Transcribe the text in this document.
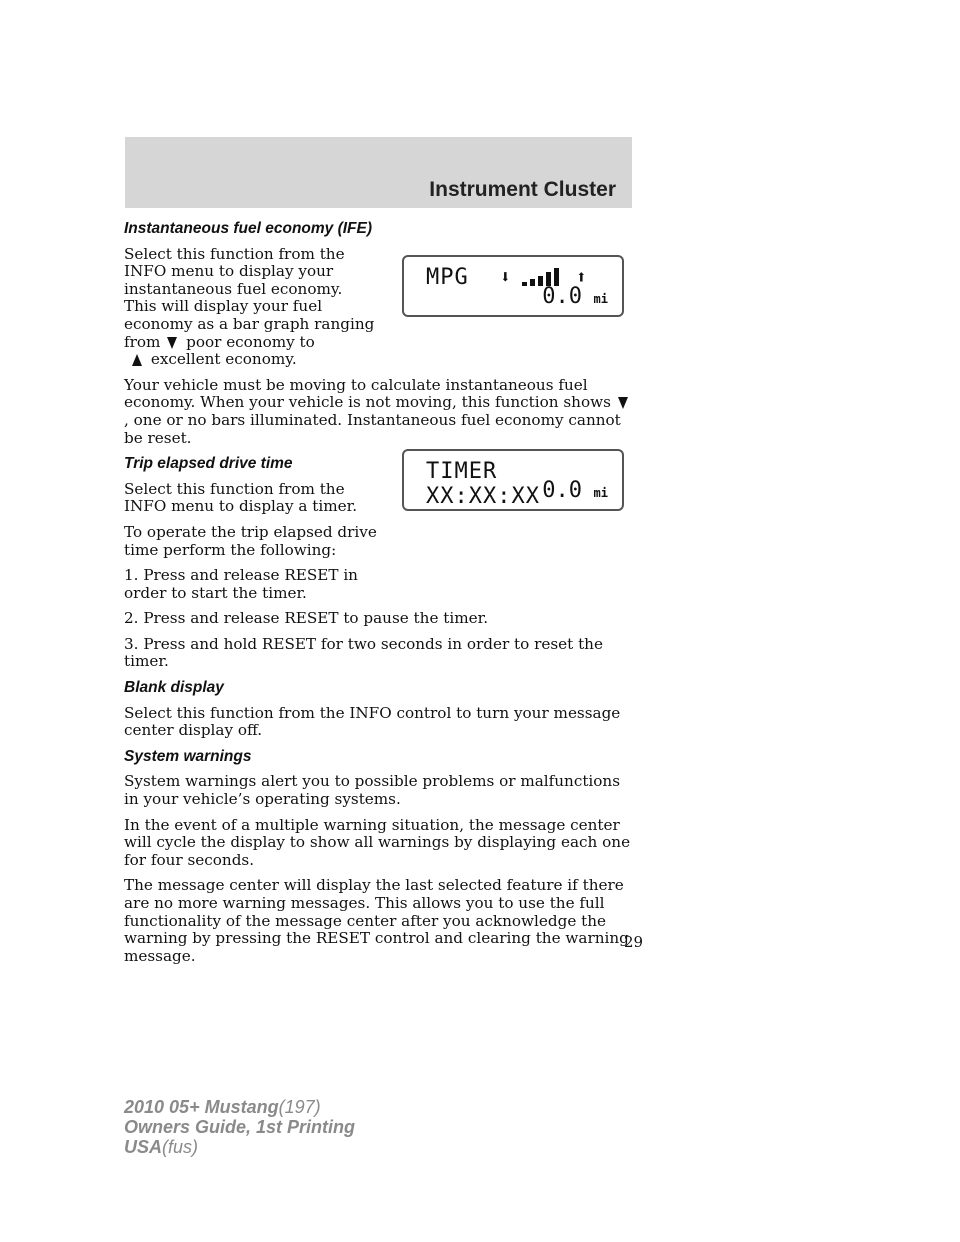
Instrument Cluster
Instantaneous fuel economy (IFE)

Select this function from the INFO menu to display your instantaneous fuel economy. This will display your fuel economy as a bar graph ranging from poor economy to
excellent economy.

Your vehicle must be moving to calculate instantaneous fuel economy. When your vehicle is not moving, this function shows  , one or no bars illuminated. Instantaneous fuel economy cannot be reset.

Trip elapsed drive time

Select this function from the INFO menu to display a timer.

To operate the trip elapsed drive time perform the following:

1. Press and release RESET in order to start the timer.

2. Press and release RESET to pause the timer.

3. Press and hold RESET for two seconds in order to reset the timer.

Blank display

Select this function from the INFO control to turn your message center display off.

System warnings

System warnings alert you to possible problems or malfunctions in your vehicle’s operating systems.

In the event of a multiple warning situation, the message center will cycle the display to show all warnings by displaying each one for four seconds.

The message center will display the last selected feature if there are no more warning messages. This allows you to use the full functionality of the message center after you acknowledge the warning by pressing the RESET control and clearing the warning message.

MPG ⬇	⬆
0.0 mi
TIMER XX:XX:XX 0.0 mi
29
2010 05+ Mustang(197)
Owners Guide, 1st Printing
USA(fus)
